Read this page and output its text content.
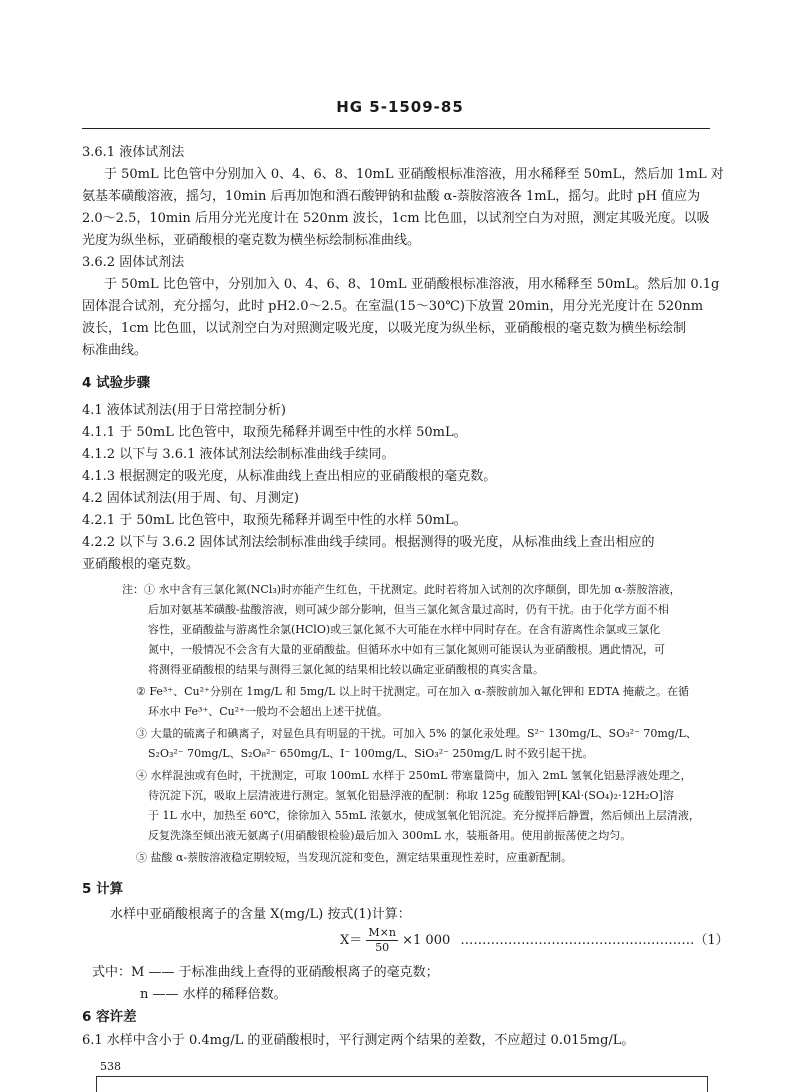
HG 5-1509-85
3.6.1 液体试剂法
于 50mL 比色管中分别加入 0、4、6、8、10mL 亚硝酸根标准溶液，用水稀释至 50mL，然后加 1mL 对
氨基苯磺酸溶液，摇匀，10min 后再加饱和酒石酸钾钠和盐酸 α-萘胺溶液各 1mL，摇匀。此时 pH 值应为
2.0～2.5，10min 后用分光光度计在 520nm 波长，1cm 比色皿，以试剂空白为对照，测定其吸光度。以吸
光度为纵坐标，亚硝酸根的毫克数为横坐标绘制标准曲线。
3.6.2 固体试剂法
于 50mL 比色管中，分别加入 0、4、6、8、10mL 亚硝酸根标准溶液，用水稀释至 50mL。然后加 0.1g
固体混合试剂，充分摇匀，此时 pH2.0～2.5。在室温(15～30℃)下放置 20min，用分光光度计在 520nm
波长，1cm 比色皿，以试剂空白为对照测定吸光度，以吸光度为纵坐标，亚硝酸根的毫克数为横坐标绘制
标准曲线。
4 试验步骤
4.1 液体试剂法(用于日常控制分析)
4.1.1 于 50mL 比色管中，取预先稀释并调至中性的水样 50mL。
4.1.2 以下与 3.6.1 液体试剂法绘制标准曲线手续同。
4.1.3 根据测定的吸光度，从标准曲线上查出相应的亚硝酸根的毫克数。
4.2 固体试剂法(用于周、旬、月测定)
4.2.1 于 50mL 比色管中，取预先稀释并调至中性的水样 50mL。
4.2.2 以下与 3.6.2 固体试剂法绘制标准曲线手续同。根据测得的吸光度，从标准曲线上查出相应的
亚硝酸根的毫克数。
注：① 水中含有三氯化氮(NCl₃)时亦能产生红色，干扰测定。此时若将加入试剂的次序颠倒，即先加 α-萘胺溶液，
后加对氨基苯磺酸-盐酸溶液，则可减少部分影响，但当三氯化氮含量过高时，仍有干扰。由于化学方面不相
容性，亚硝酸盐与游离性余氯(HClO)或三氯化氮不大可能在水样中同时存在。在含有游离性余氯或三氯化
氮中，一般情况不会含有大量的亚硝酸盐。但循环水中如有三氯化氮则可能误认为亚硝酸根。遇此情况，可
将测得亚硝酸根的结果与测得三氯化氮的结果相比较以确定亚硝酸根的真实含量。
② Fe³⁺、Cu²⁺分别在 1mg/L 和 5mg/L 以上时干扰测定。可在加入 α-萘胺前加入氟化钾和 EDTA 掩蔽之。在循
环水中 Fe³⁺、Cu²⁺一般均不会超出上述干扰值。
③ 大量的硫离子和碘离子，对显色具有明显的干扰。可加入 5% 的氯化汞处理。S²⁻ 130mg/L、SO₃²⁻ 70mg/L、
S₂O₃²⁻ 70mg/L、S₂O₈²⁻ 650mg/L、I⁻ 100mg/L、SiO₃²⁻ 250mg/L 时不致引起干扰。
④ 水样混浊或有色时，干扰测定，可取 100mL 水样于 250mL 带塞量筒中，加入 2mL 氢氧化铝悬浮液处理之，
待沉淀下沉，吸取上层清液进行测定。氢氧化铝悬浮液的配制：称取 125g 硫酸铝钾[KAl·(SO₄)₂·12H₂O]溶
于 1L 水中，加热至 60℃，徐徐加入 55mL 浓氨水，使成氢氧化铝沉淀。充分搅拌后静置，然后倾出上层清液，
反复洗涤至倾出液无氨离子(用硝酸银检验)最后加入 300mL 水，装瓶备用。使用前振荡使之均匀。
⑤ 盐酸 α-萘胺溶液稳定期较短，当发现沉淀和变色，测定结果重现性差时，应重新配制。
5 计算
水样中亚硝酸根离子的含量 X(mg/L) 按式(1)计算：
$X= \frac{M\times n}{50} \times 1$ 000 ………………………………………………（1）
式中：M —— 于标准曲线上查得的亚硝酸根离子的毫克数；
n —— 水样的稀释倍数。
6 容许差
6.1 水样中含小于 0.4mg/L 的亚硝酸根时，平行测定两个结果的差数，不应超过 0.015mg/L。
538
